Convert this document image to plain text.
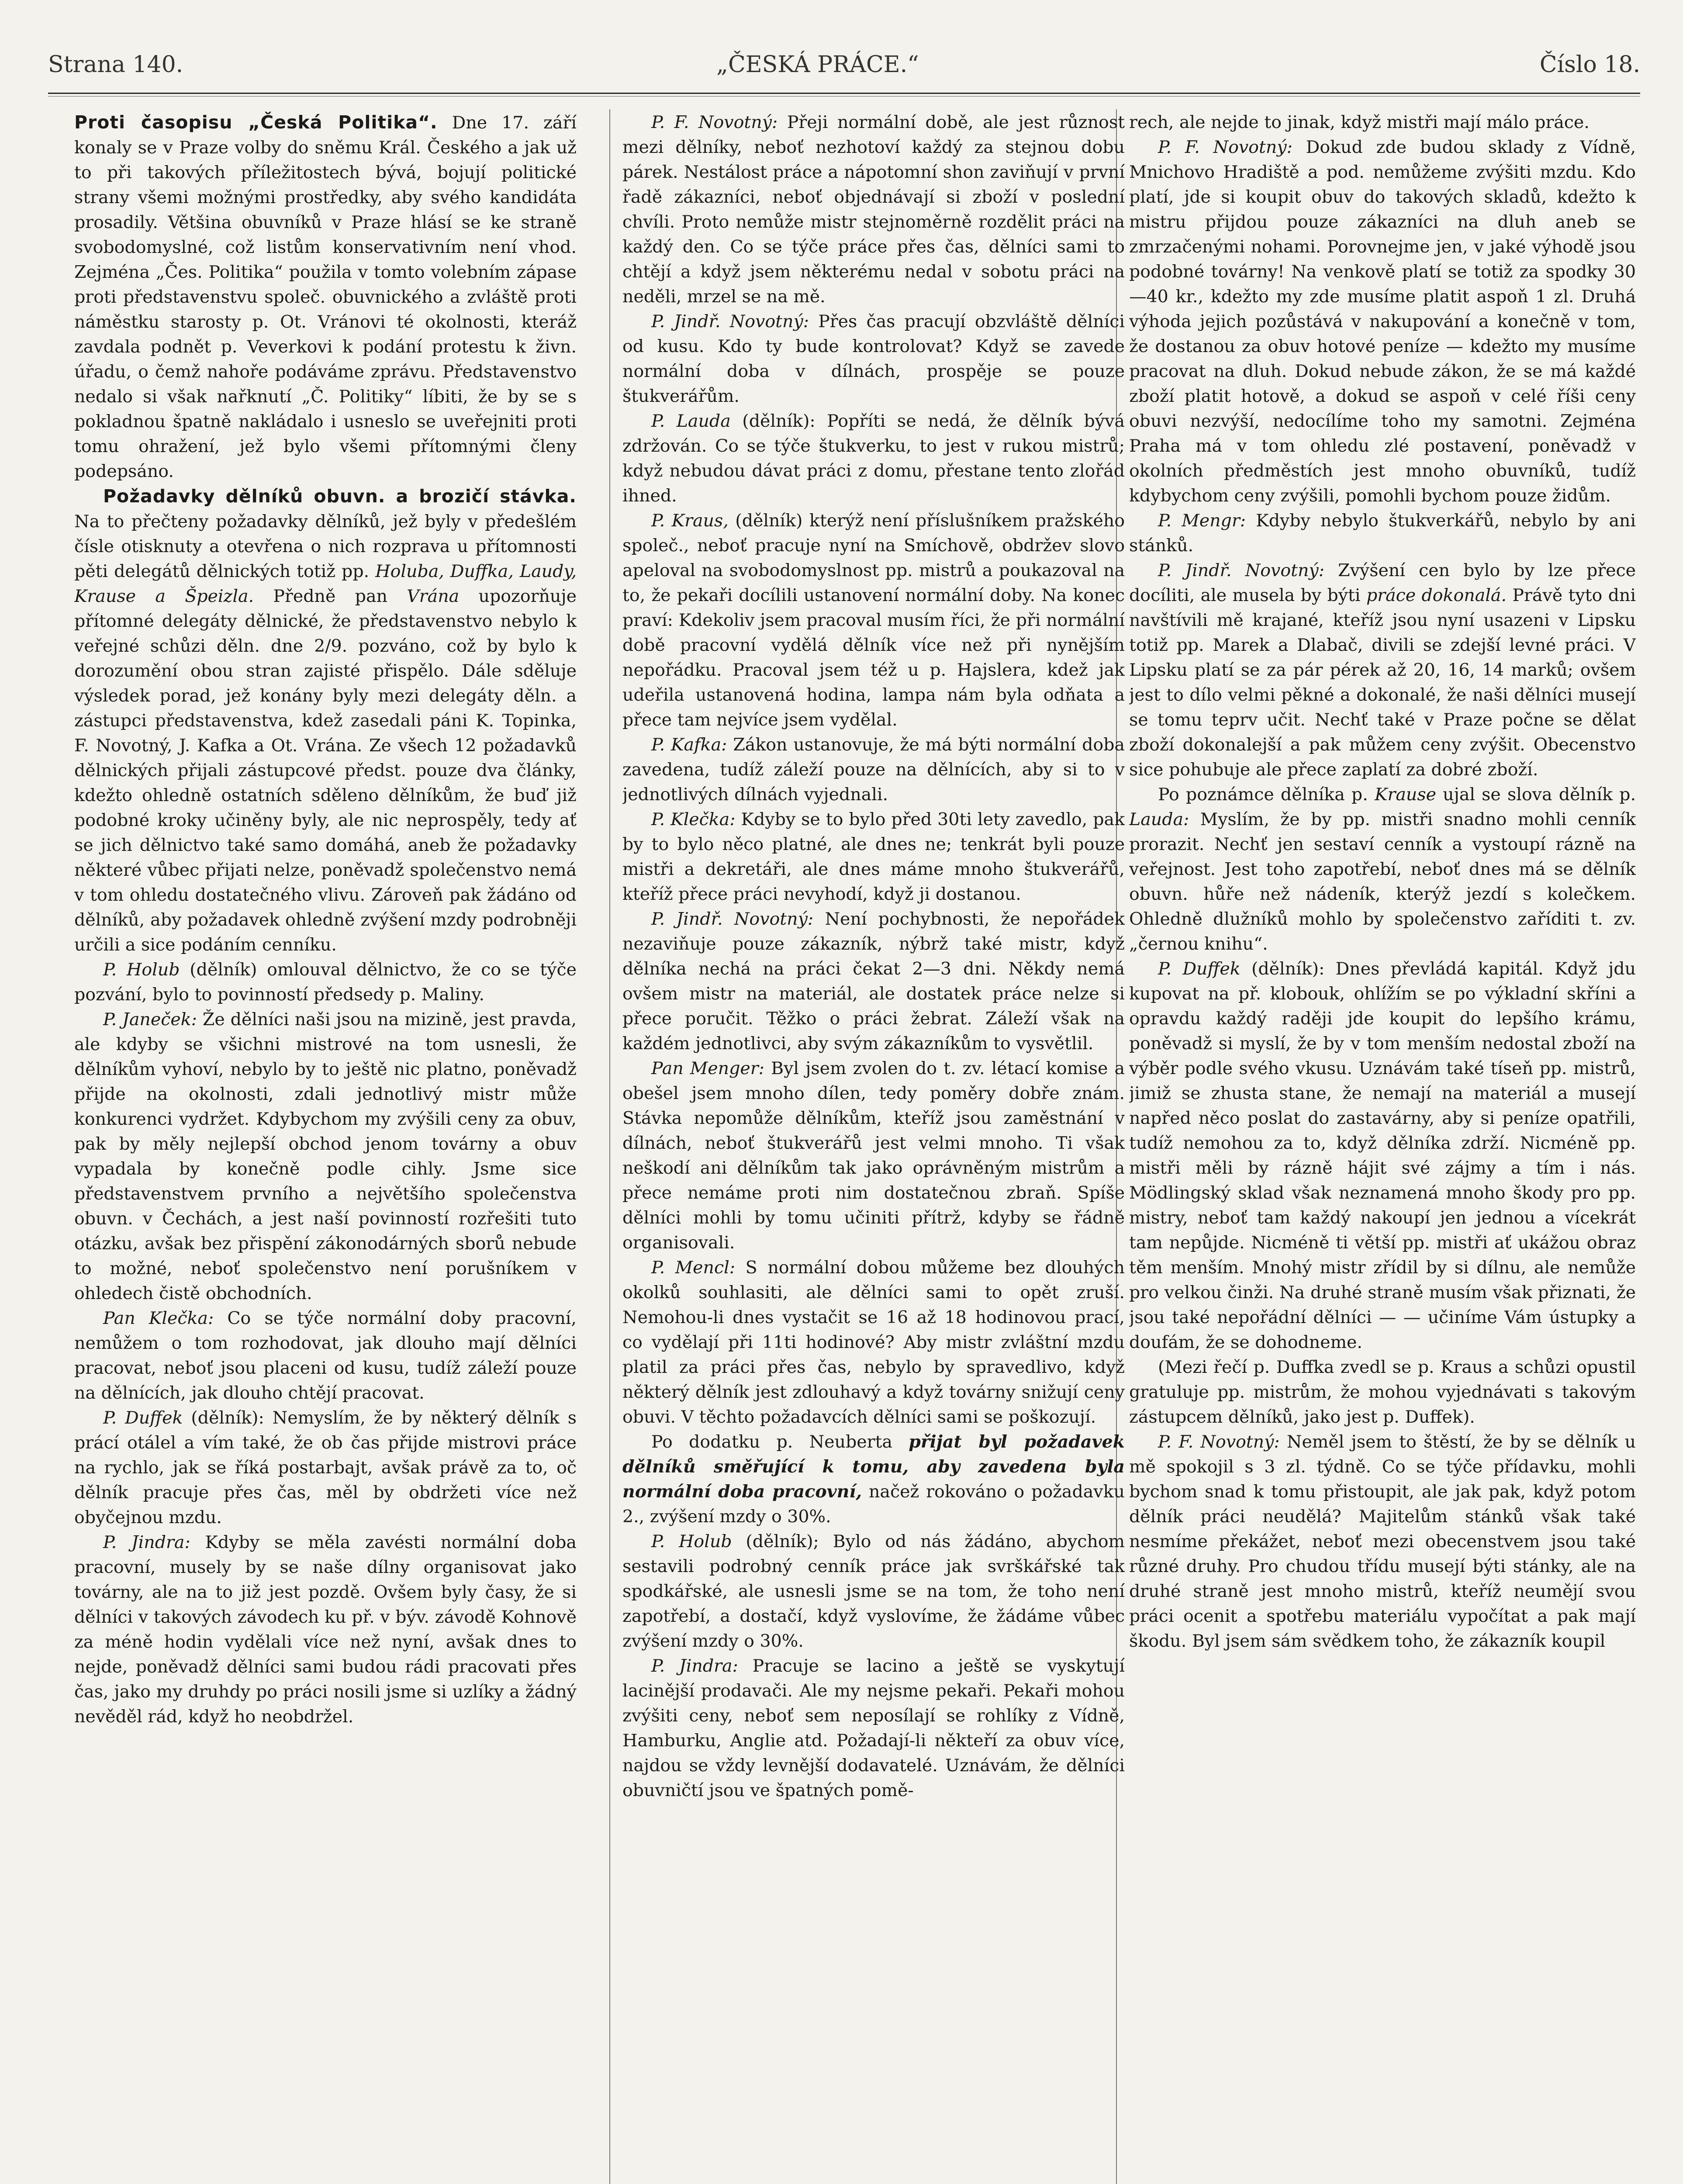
Strana 140.	„ČESKÁ PRÁCE.“	Číslo 18.

Proti časopisu „Česká Politika“. Dne 17. září konaly se v Praze volby do sněmu Král. Českého a jak už to při takových příležitostech bývá, bojují politické strany všemi možnými prostředky, aby svého kandidáta prosadily. Většina obuvníků v Praze hlásí se ke straně svobodomyslné, což listům konservativním není vhod. Zejména „Čes. Politika“ použila v tomto volebním zápase proti představenstvu společ. obuvnického a zvláště proti náměstku starosty p. Ot. Vránovi té okolnosti, kteráž zavdala podnět p. Veverkovi k podání protestu k živn. úřadu, o čemž nahoře podáváme zprávu. Představenstvo nedalo si však nařknutí „Č. Politiky“ líbiti, že by se s pokladnou špatně nakládalo i usneslo se uveřejniti proti tomu ohražení, jež bylo všemi přítomnými členy podepsáno.

Požadavky dělníků obuvn. a brozičí stávka. Na to přečteny požadavky dělníků, jež byly v předešlém čísle otisknuty a otevřena o nich rozprava u přítomnosti pěti delegátů dělnických totiž pp. Holuba, Duffka, Laudy, Krause a Špeizla. Předně pan Vrána upozorňuje přítomné delegáty dělnické, že představenstvo nebylo k veřejné schůzi děln. dne 2/9. pozváno, což by bylo k dorozumění obou stran zajisté přispělo. Dále sděluje výsledek porad, jež konány byly mezi delegáty děln. a zástupci představenstva, kdež zasedali páni K. Topinka, F. Novotný, J. Kafka a Ot. Vrána. Ze všech 12 požadavků dělnických přijali zástupcové předst. pouze dva články, kdežto ohledně ostatních sděleno dělníkům, že buď již podobné kroky učiněny byly, ale nic neprospěly, tedy ať se jich dělnictvo také samo domáhá, aneb že požadavky některé vůbec přijati nelze, poněvadž společenstvo nemá v tom ohledu dostatečného vlivu. Zároveň pak žádáno od dělníků, aby požadavek ohledně zvýšení mzdy podrobněji určili a sice podáním cenníku.

P. Holub (dělník) omlouval dělnictvo, že co se týče pozvání, bylo to povinností předsedy p. Maliny.

P. Janeček: Že dělníci naši jsou na mizině, jest pravda, ale kdyby se všichni mistrové na tom usnesli, že dělníkům vyhoví, nebylo by to ještě nic platno, poněvadž přijde na okolnosti, zdali jednotlivý mistr může konkurenci vydržet. Kdybychom my zvýšili ceny za obuv, pak by měly nejlepší obchod jenom továrny a obuv vypadala by konečně podle cihly. Jsme sice představenstvem prvního a největšího společenstva obuvn. v Čechách, a jest naší povinností rozřešiti tuto otázku, avšak bez přispění zákonodárných sborů nebude to možné, neboť společenstvo není porušníkem v ohledech čistě obchodních.

Pan Klečka: Co se týče normální doby pracovní, nemůžem o tom rozhodovat, jak dlouho mají dělníci pracovat, neboť jsou placeni od kusu, tudíž záleží pouze na dělnících, jak dlouho chtějí pracovat.

P. Duffek (dělník): Nemyslím, že by některý dělník s prácí otálel a vím také, že ob čas přijde mistrovi práce na rychlo, jak se říká postarbajt, avšak právě za to, oč dělník pracuje přes čas, měl by obdržeti více než obyčejnou mzdu.

P. Jindra: Kdyby se měla zavésti normální doba pracovní, musely by se naše dílny organisovat jako továrny, ale na to již jest pozdě. Ovšem byly časy, že si dělníci v takových závodech ku př. v býv. závodě Kohnově za méně hodin vydělali více než nyní, avšak dnes to nejde, poněvadž dělníci sami budou rádi pracovati přes čas, jako my druhdy po práci nosili jsme si uzlíky a žádný nevěděl rád, když ho neobdržel.

P. F. Novotný: Přeji normální době, ale jest různost mezi dělníky, neboť nezhotoví každý za stejnou dobu párek. Nestálost práce a nápotomní shon zaviňují v první řadě zákazníci, neboť objednávají si zboží v poslední chvíli. Proto nemůže mistr stejnoměrně rozdělit práci na každý den. Co se týče práce přes čas, dělníci sami to chtějí a když jsem některému nedal v sobotu práci na neděli, mrzel se na mě.

P. Jindř. Novotný: Přes čas pracují obzvláště dělníci od kusu. Kdo ty bude kontrolovat? Když se zavede normální doba v dílnách, prospěje se pouze štukverářům.

P. Lauda (dělník): Popříti se nedá, že dělník bývá zdržován. Co se týče štukverku, to jest v rukou mistrů; když nebudou dávat práci z domu, přestane tento zlořád ihned.

P. Kraus, (dělník) kterýž není příslušníkem pražského společ., neboť pracuje nyní na Smíchově, obdržev slovo apeloval na svobodomyslnost pp. mistrů a poukazoval na to, že pekaři docílili ustanovení normální doby. Na konec praví: Kdekoliv jsem pracoval musím říci, že při normální době pracovní vydělá dělník více než při nynějším nepořádku. Pracoval jsem též u p. Hajslera, kdež jak udeřila ustanovená hodina, lampa nám byla odňata a přece tam nejvíce jsem vydělal.

P. Kafka: Zákon ustanovuje, že má býti normální doba zavedena, tudíž záleží pouze na dělnících, aby si to v jednotlivých dílnách vyjednali.

P. Klečka: Kdyby se to bylo před 30ti lety zavedlo, pak by to bylo něco platné, ale dnes ne; tenkrát byli pouze mistři a dekretáři, ale dnes máme mnoho štukverářů, kteříž přece práci nevyhodí, když ji dostanou.

P. Jindř. Novotný: Není pochybnosti, že nepořádek nezaviňuje pouze zákazník, nýbrž také mistr, když dělníka nechá na práci čekat 2—3 dni. Někdy nemá ovšem mistr na materiál, ale dostatek práce nelze si přece poručit. Těžko o práci žebrat. Záleží však na každém jednotlivci, aby svým zákazníkům to vysvětlil.

Pan Menger: Byl jsem zvolen do t. zv. létací komise a obešel jsem mnoho dílen, tedy poměry dobře znám. Stávka nepomůže dělníkům, kteříž jsou zaměstnání v dílnách, neboť štukverářů jest velmi mnoho. Ti však neškodí ani dělníkům tak jako oprávněným mistrům a přece nemáme proti nim dostatečnou zbraň. Spíše dělníci mohli by tomu učiniti přítrž, kdyby se řádně organisovali.

P. Mencl: S normální dobou můžeme bez dlouhých okolků souhlasiti, ale dělníci sami to opět zruší. Nemohou-li dnes vystačit se 16 až 18 hodinovou prací, co vydělají při 11ti hodinové? Aby mistr zvláštní mzdu platil za práci přes čas, nebylo by spravedlivo, když některý dělník jest zdlouhavý a když továrny snižují ceny obuvi. V těchto požadavcích dělníci sami se poškozují.

Po dodatku p. Neuberta přijat byl požadavek dělníků směřující k tomu, aby zavedena byla normální doba pracovní, načež rokováno o požadavku 2., zvýšení mzdy o 30%.

P. Holub (dělník); Bylo od nás žádáno, abychom sestavili podrobný cenník práce jak svrškářské tak spodkářské, ale usnesli jsme se na tom, že toho není zapotřebí, a dostačí, když vyslovíme, že žádáme vůbec zvýšení mzdy o 30%.

P. Jindra: Pracuje se lacino a ještě se vyskytují lacinější prodavači. Ale my nejsme pekaři. Pekaři mohou zvýšiti ceny, neboť sem neposílají se rohlíky z Vídně, Hamburku, Anglie atd. Požadají-li někteří za obuv více, najdou se vždy levnější dodavatelé. Uznávám, že dělníci obuvničtí jsou ve špatných pomě-

rech, ale nejde to jinak, když mistři mají málo práce.

P. F. Novotný: Dokud zde budou sklady z Vídně, Mnichovo Hradiště a pod. nemůžeme zvýšiti mzdu. Kdo platí, jde si koupit obuv do takových skladů, kdežto k mistru přijdou pouze zákazníci na dluh aneb se zmrzačenými nohami. Porovnejme jen, v jaké výhodě jsou podobné továrny! Na venkově platí se totiž za spodky 30—40 kr., kdežto my zde musíme platit aspoň 1 zl. Druhá výhoda jejich pozůstává v nakupování a konečně v tom, že dostanou za obuv hotové peníze — kdežto my musíme pracovat na dluh. Dokud nebude zákon, že se má každé zboží platit hotově, a dokud se aspoň v celé říši ceny obuvi nezvýší, nedocílíme toho my samotni. Zejména Praha má v tom ohledu zlé postavení, poněvadž v okolních předměstích jest mnoho obuvníků, tudíž kdybychom ceny zvýšili, pomohli bychom pouze židům.

P. Mengr: Kdyby nebylo štukverkářů, nebylo by ani stánků.

P. Jindř. Novotný: Zvýšení cen bylo by lze přece docíliti, ale musela by býti práce dokonalá. Právě tyto dni navštívili mě krajané, kteříž jsou nyní usazeni v Lipsku totiž pp. Marek a Dlabač, divili se zdejší levné práci. V Lipsku platí se za pár pérek až 20, 16, 14 marků; ovšem jest to dílo velmi pěkné a dokonalé, že naši dělníci musejí se tomu teprv učit. Nechť také v Praze počne se dělat zboží dokonalejší a pak můžem ceny zvýšit. Obecenstvo sice pohubuje ale přece zaplatí za dobré zboží.

Po poznámce dělníka p. Krause ujal se slova dělník p. Lauda: Myslím, že by pp. mistři snadno mohli cenník prorazit. Nechť jen sestaví cenník a vystoupí rázně na veřejnost. Jest toho zapotřebí, neboť dnes má se dělník obuvn. hůře než nádeník, kterýž jezdí s kolečkem. Ohledně dlužníků mohlo by společenstvo zaříditi t. zv. „černou knihu“.

P. Duffek (dělník): Dnes převládá kapitál. Když jdu kupovat na př. klobouk, ohlížím se po výkladní skříni a opravdu každý raději jde koupit do lepšího krámu, poněvadž si myslí, že by v tom menším nedostal zboží na výběr podle svého vkusu. Uznávám také tíseň pp. mistrů, jimiž se zhusta stane, že nemají na materiál a musejí napřed něco poslat do zastavárny, aby si peníze opatřili, tudíž nemohou za to, když dělníka zdrží. Nicméně pp. mistři měli by rázně hájit své zájmy a tím i nás. Mödlingský sklad však neznamená mnoho škody pro pp. mistry, neboť tam každý nakoupí jen jednou a vícekrát tam nepůjde. Nicméně ti větší pp. mistři ať ukážou obraz těm menším. Mnohý mistr zřídil by si dílnu, ale nemůže pro velkou činži. Na druhé straně musím však přiznati, že jsou také nepořádní dělníci — — učiníme Vám ústupky a doufám, že se dohodneme.

(Mezi řečí p. Duffka zvedl se p. Kraus a schůzi opustil gratuluje pp. mistrům, že mohou vyjednávati s takovým zástupcem dělníků, jako jest p. Duffek).

P. F. Novotný: Neměl jsem to štěstí, že by se dělník u mě spokojil s 3 zl. týdně. Co se týče přídavku, mohli bychom snad k tomu přistoupit, ale jak pak, když potom dělník práci neudělá? Majitelům stánků však také nesmíme překážet, neboť mezi obecenstvem jsou také různé druhy. Pro chudou třídu musejí býti stánky, ale na druhé straně jest mnoho mistrů, kteříž neumějí svou práci ocenit a spotřebu materiálu vypočítat a pak mají škodu. Byl jsem sám svědkem toho, že zákazník koupil
